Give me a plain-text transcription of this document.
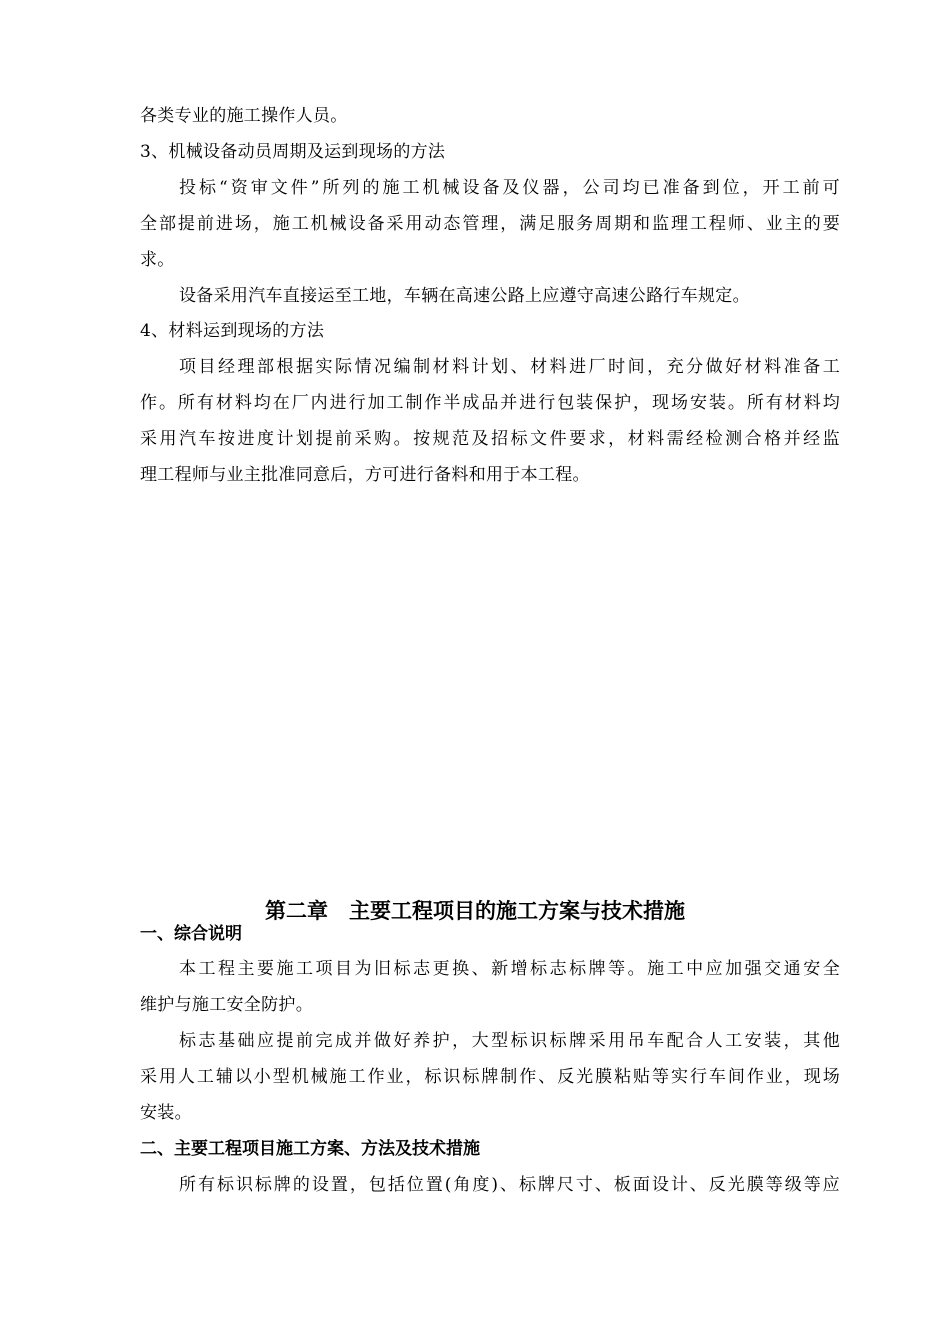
各类专业的施工操作人员。
3、机械设备动员周期及运到现场的方法
投标“资审文件”所列的施工机械设备及仪器，公司均已准备到位，开工前可
全部提前进场，施工机械设备采用动态管理，满足服务周期和监理工程师、业主的要
求。
设备采用汽车直接运至工地，车辆在高速公路上应遵守高速公路行车规定。
4、材料运到现场的方法
项目经理部根据实际情况编制材料计划、材料进厂时间，充分做好材料准备工
作。所有材料均在厂内进行加工制作半成品并进行包装保护，现场安装。所有材料均
采用汽车按进度计划提前采购。按规范及招标文件要求，材料需经检测合格并经监
理工程师与业主批准同意后，方可进行备料和用于本工程。
第二章　主要工程项目的施工方案与技术措施
一、综合说明
本工程主要施工项目为旧标志更换、新增标志标牌等。施工中应加强交通安全
维护与施工安全防护。
标志基础应提前完成并做好养护，大型标识标牌采用吊车配合人工安装，其他
采用人工辅以小型机械施工作业，标识标牌制作、反光膜粘贴等实行车间作业，现场
安装。
二、主要工程项目施工方案、方法及技术措施
所有标识标牌的设置，包括位置(角度)、标牌尺寸、板面设计、反光膜等级等应
